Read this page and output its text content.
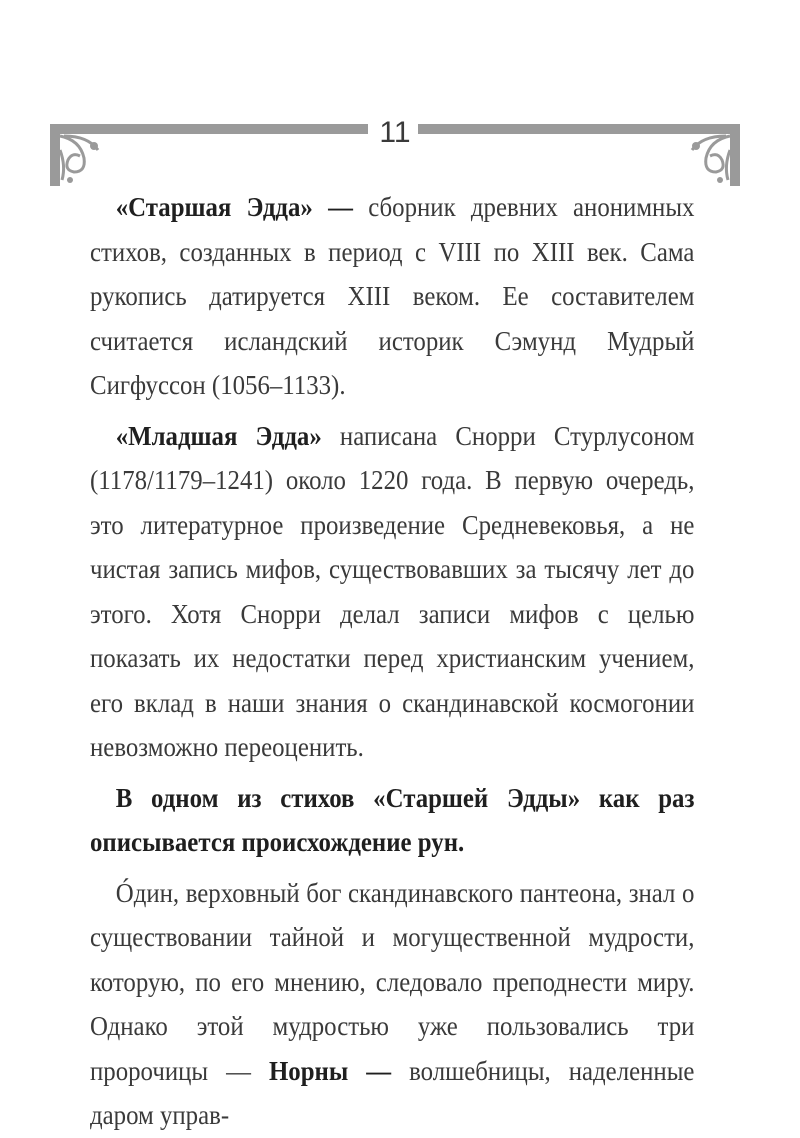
11

«Старшая Эдда» — сборник древних анонимных стихов, созданных в период с VIII по XIII век. Сама рукопись датируется XIII веком. Ее составителем считается исландский историк Сэмунд Мудрый Сигфуссон (1056–1133).

«Младшая Эдда» написана Снорри Стурлусоном (1178/1179–1241) около 1220 года. В первую очередь, это литературное произведение Средневековья, а не чистая запись мифов, существовавших за тысячу лет до этого. Хотя Снорри делал записи мифов с целью показать их недостатки перед христианским учением, его вклад в наши знания о скандинавской космогонии невозможно переоценить.

В одном из стихов «Старшей Эдды» как раз описывается происхождение рун.

Óдин, верховный бог скандинавского пантеона, знал о существовании тайной и могущественной мудрости, которую, по его мнению, следовало преподнести миру. Однако этой мудростью уже пользовались три пророчицы — Норны — волшебницы, наделенные даром управ-
